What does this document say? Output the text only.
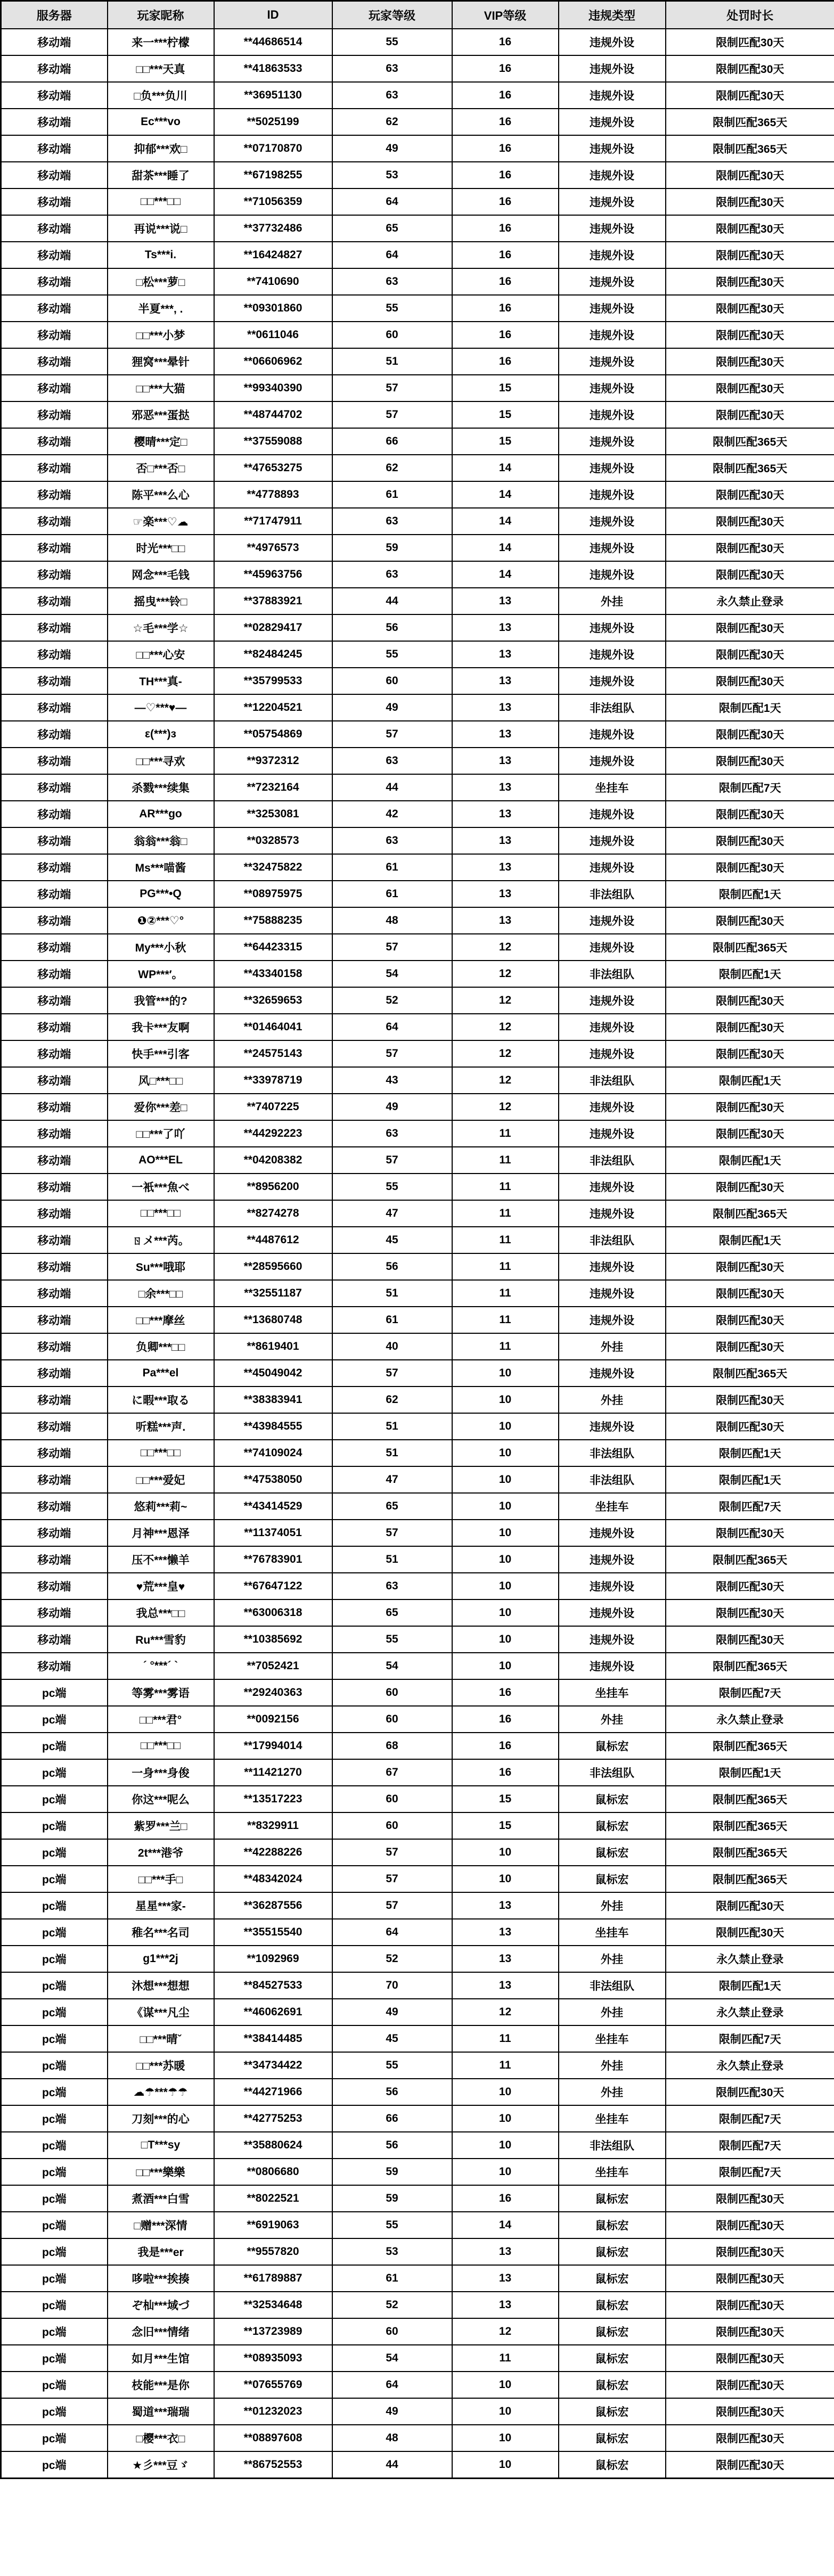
服务器	玩家昵称	ID	玩家等级	VIP等级	违规类型	处罚时长
移动端	来一***柠檬	**44686514	55	16	违规外设	限制匹配30天
移动端	□□***天真	**41863533	63	16	违规外设	限制匹配30天
移动端	□负***负川	**36951130	63	16	违规外设	限制匹配30天
移动端	Ec***vo	**5025199	62	16	违规外设	限制匹配365天
移动端	抑郁***欢□	**07170870	49	16	违规外设	限制匹配365天
移动端	甜茶***睡了	**67198255	53	16	违规外设	限制匹配30天
移动端	□□***□□	**71056359	64	16	违规外设	限制匹配30天
移动端	再说***说□	**37732486	65	16	违规外设	限制匹配30天
移动端	Ts***i.	**16424827	64	16	违规外设	限制匹配30天
移动端	□松***萝□	**7410690	63	16	违规外设	限制匹配30天
移动端	半夏***, .	**09301860	55	16	违规外设	限制匹配30天
移动端	□□***小梦	**0611046	60	16	违规外设	限制匹配30天
移动端	狸窝***晕针	**06606962	51	16	违规外设	限制匹配30天
移动端	□□***大猫	**99340390	57	15	违规外设	限制匹配30天
移动端	邪恶***蛋挞	**48744702	57	15	违规外设	限制匹配30天
移动端	樱晴***定□	**37559088	66	15	违规外设	限制匹配365天
移动端	否□***否□	**47653275	62	14	违规外设	限制匹配365天
移动端	陈平***么心	**4778893	61	14	违规外设	限制匹配30天
移动端	☞楽***♡☁	**71747911	63	14	违规外设	限制匹配30天
移动端	时光***□□	**4976573	59	14	违规外设	限制匹配30天
移动端	网念***毛钱	**45963756	63	14	违规外设	限制匹配30天
移动端	摇曳***铃□	**37883921	44	13	外挂	永久禁止登录
移动端	☆毛***学☆	**02829417	56	13	违规外设	限制匹配30天
移动端	□□***心安	**82484245	55	13	违规外设	限制匹配30天
移动端	TH***真-	**35799533	60	13	违规外设	限制匹配30天
移动端	—♡***♥—	**12204521	49	13	非法组队	限制匹配1天
移动端	ε(***)з	**05754869	57	13	违规外设	限制匹配30天
移动端	□□***寻欢	**9372312	63	13	违规外设	限制匹配30天
移动端	杀戮***续集	**7232164	44	13	坐挂车	限制匹配7天
移动端	AR***go	**3253081	42	13	违规外设	限制匹配30天
移动端	翁翁***翁□	**0328573	63	13	违规外设	限制匹配30天
移动端	Ms***喵酱	**32475822	61	13	违规外设	限制匹配30天
移动端	PG***•Q	**08975975	61	13	非法组队	限制匹配1天
移动端	❶②***♡°	**75888235	48	13	违规外设	限制匹配30天
移动端	My***小秋	**64423315	57	12	违规外设	限制匹配365天
移动端	WP***′。	**43340158	54	12	非法组队	限制匹配1天
移动端	我管***的?	**32659653	52	12	违规外设	限制匹配30天
移动端	我卡***友啊	**01464041	64	12	违规外设	限制匹配30天
移动端	快手***引客	**24575143	57	12	违规外设	限制匹配30天
移动端	风□***□□	**33978719	43	12	非法组队	限制匹配1天
移动端	爱你***差□	**7407225	49	12	违规外设	限制匹配30天
移动端	□□***了吖	**44292223	63	11	违规外设	限制匹配30天
移动端	AO***EL	**04208382	57	11	非法组队	限制匹配1天
移动端	一衹***魚べ	**8956200	55	11	违规外设	限制匹配30天
移动端	□□***□□	**8274278	47	11	违规外设	限制匹配365天
移动端	ㄖメ***芮。	**4487612	45	11	非法组队	限制匹配1天
移动端	Su***哦耶	**28595660	56	11	违规外设	限制匹配30天
移动端	□余***□□	**32551187	51	11	违规外设	限制匹配30天
移动端	□□***摩丝	**13680748	61	11	违规外设	限制匹配30天
移动端	负卿***□□	**8619401	40	11	外挂	限制匹配30天
移动端	Pa***el	**45049042	57	10	违规外设	限制匹配365天
移动端	に暇***取る	**38383941	62	10	外挂	限制匹配30天
移动端	听糕***声.	**43984555	51	10	违规外设	限制匹配30天
移动端	□□***□□	**74109024	51	10	非法组队	限制匹配1天
移动端	□□***爱妃	**47538050	47	10	非法组队	限制匹配1天
移动端	悠莉***莉~	**43414529	65	10	坐挂车	限制匹配7天
移动端	月神***恩泽	**11374051	57	10	违规外设	限制匹配30天
移动端	压不***懒羊	**76783901	51	10	违规外设	限制匹配365天
移动端	♥荒***皇♥	**67647122	63	10	违规外设	限制匹配30天
移动端	我总***□□	**63006318	65	10	违规外设	限制匹配30天
移动端	Ru***雪豹	**10385692	55	10	违规外设	限制匹配30天
移动端	´ °***´ `	**7052421	54	10	违规外设	限制匹配365天
pc端	等雾***雾语	**29240363	60	16	坐挂车	限制匹配7天
pc端	□□***君°	**0092156	60	16	外挂	永久禁止登录
pc端	□□***□□	**17994014	68	16	鼠标宏	限制匹配365天
pc端	一身***身俊	**11421270	67	16	非法组队	限制匹配1天
pc端	你这***呢么	**13517223	60	15	鼠标宏	限制匹配365天
pc端	紫罗***兰□	**8329911	60	15	鼠标宏	限制匹配365天
pc端	2t***港爷	**42288226	57	10	鼠标宏	限制匹配365天
pc端	□□***手□	**48342024	57	10	鼠标宏	限制匹配365天
pc端	星星***家-	**36287556	57	13	外挂	限制匹配30天
pc端	稚名***名司	**35515540	64	13	坐挂车	限制匹配30天
pc端	g1***2j	**1092969	52	13	外挂	永久禁止登录
pc端	沐想***想想	**84527533	70	13	非法组队	限制匹配1天
pc端	《谋***凡尘	**46062691	49	12	外挂	永久禁止登录
pc端	□□***晴ˇ	**38414485	45	11	坐挂车	限制匹配7天
pc端	□□***苏暖	**34734422	55	11	外挂	永久禁止登录
pc端	☁☂***☂☂	**44271966	56	10	外挂	限制匹配30天
pc端	刀刻***的心	**42775253	66	10	坐挂车	限制匹配7天
pc端	□T***sy	**35880624	56	10	非法组队	限制匹配7天
pc端	□□***樂樂	**0806680	59	10	坐挂车	限制匹配7天
pc端	煮酒***白雪	**8022521	59	16	鼠标宏	限制匹配30天
pc端	□赠***深情	**6919063	55	14	鼠标宏	限制匹配30天
pc端	我是***er	**9557820	53	13	鼠标宏	限制匹配30天
pc端	哆啦***挨揍	**61789887	61	13	鼠标宏	限制匹配30天
pc端	ぞ杣***域づ	**32534648	52	13	鼠标宏	限制匹配30天
pc端	念旧***情绪	**13723989	60	12	鼠标宏	限制匹配30天
pc端	如月***生馆	**08935093	54	11	鼠标宏	限制匹配30天
pc端	枝能***是你	**07655769	64	10	鼠标宏	限制匹配30天
pc端	蜀道***瑞瑞	**01232023	49	10	鼠标宏	限制匹配30天
pc端	□樱***衣□	**08897608	48	10	鼠标宏	限制匹配30天
pc端	★彡***豆ゞ	**86752553	44	10	鼠标宏	限制匹配30天
